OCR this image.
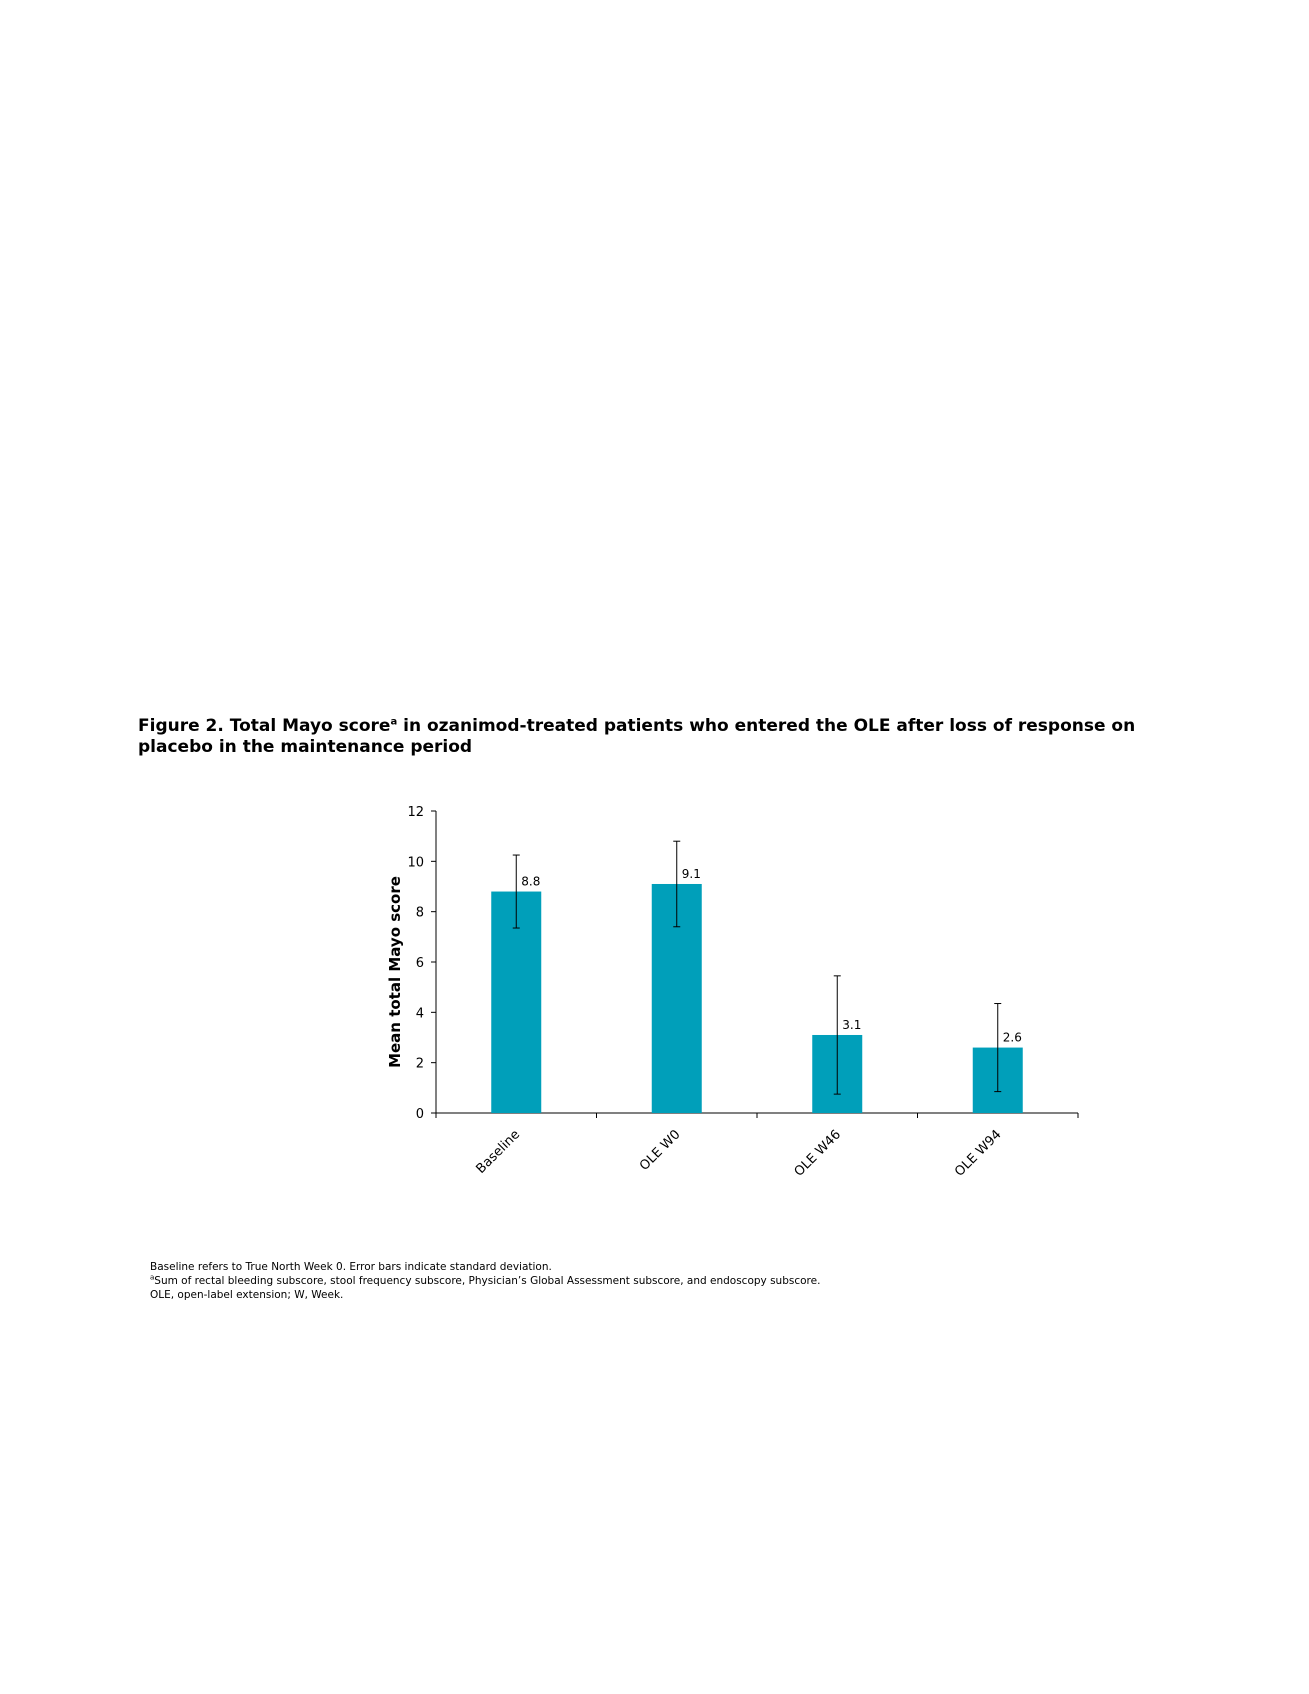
Figure 2. Total Mayo score$^a$ in ozanimod-treated patients who entered the OLE after loss of response on placebo in the maintenance period
8.8
9.1
3.1
2.6
0
2
4
6
8
10
12
Baseline	OLE W0	OLE W46	OLE W94
Mean total Mayo score

Baseline refers to True North Week 0. Error bars indicate standard deviation.

$^a$Sum of rectal bleeding subscore, stool frequency subscore, Physician’s Global Assessment subscore, and endoscopy subscore.

OLE, open-label extension; W, Week.
